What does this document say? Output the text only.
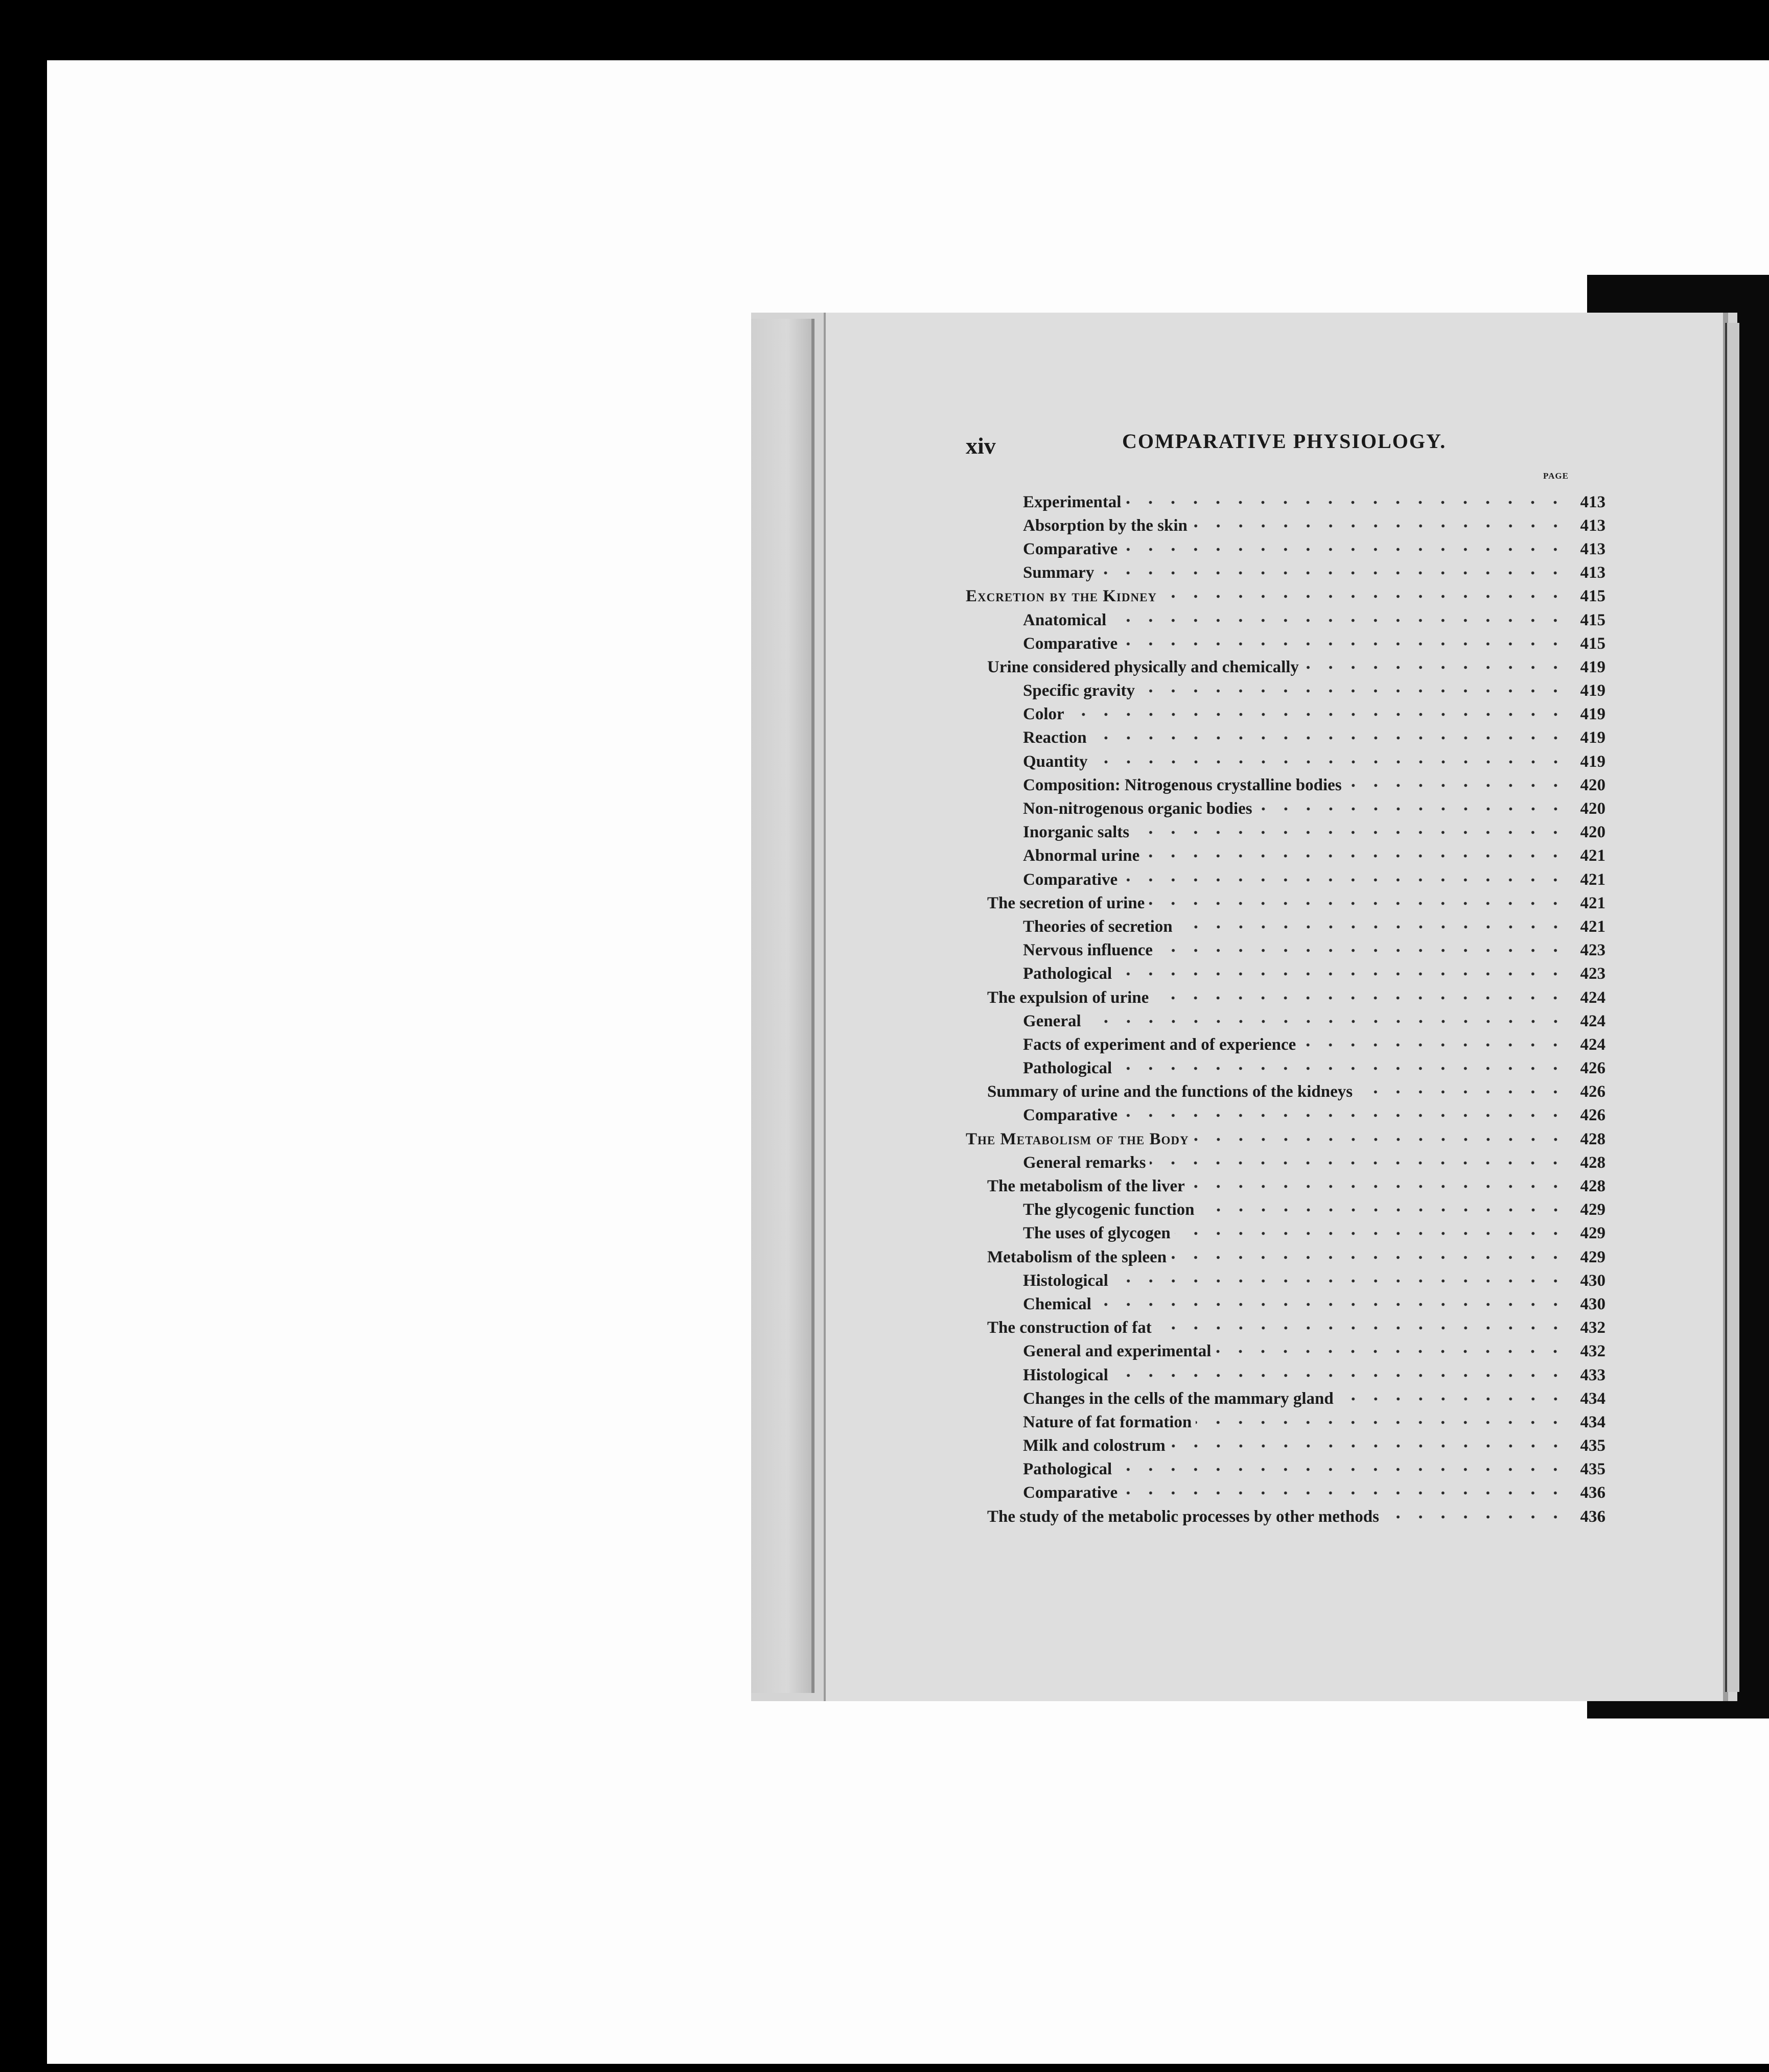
xiv	COMPARATIVE PHYSIOLOGY.
PAGE
Experimental	413
Absorption by the skin	413
Comparative	413
Summary	413
Excretion by the Kidney	415
Anatomical	415
Comparative	415
Urine considered physically and chemically	419
Specific gravity	419
Color	419
Reaction	419
Quantity	419
Composition: Nitrogenous crystalline bodies	420
Non-nitrogenous organic bodies	420
Inorganic salts	420
Abnormal urine	421
Comparative	421
The secretion of urine	421
Theories of secretion	421
Nervous influence	423
Pathological	423
The expulsion of urine	424
General	424
Facts of experiment and of experience	424
Pathological	426
Summary of urine and the functions of the kidneys	426
Comparative	426
The Metabolism of the Body	428
General remarks	428
The metabolism of the liver	428
The glycogenic function	429
The uses of glycogen	429
Metabolism of the spleen	429
Histological	430
Chemical	430
The construction of fat	432
General and experimental	432
Histological	433
Changes in the cells of the mammary gland	434
Nature of fat formation	434
Milk and colostrum	435
Pathological	435
Comparative	436
The study of the metabolic processes by other methods	436
